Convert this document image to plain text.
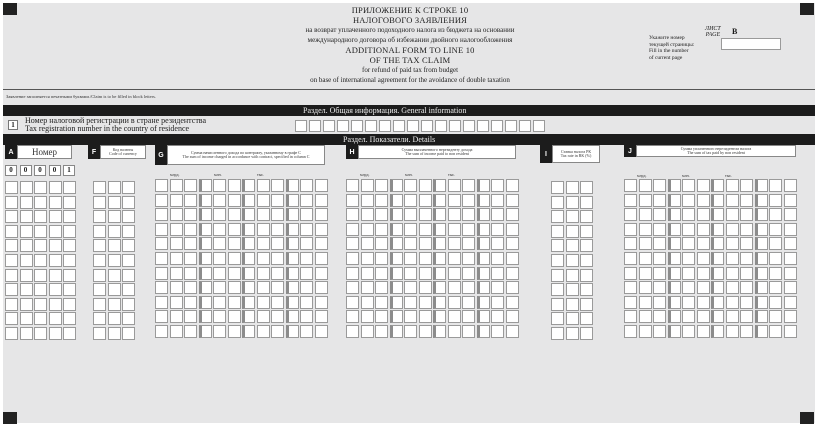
ПРИЛОЖЕНИЕ К СТРОКЕ 10
НАЛОГОВОГО ЗАЯВЛЕНИЯ
на возврат уплаченного подоходного налога из бюджета на основании
международного договора об избежании двойного налогообложения
ADDITIONAL FORM TO LINE 10
OF THE TAX CLAIM
for refund of paid tax from budget
on base of international agreement for the avoidance of double taxation
ЛИСТ
PAGE B
Укажите номер
текущей страницы:
Fill in the number
of current page
Заявление заполняется печатными буквами./Claim is to be filled in block letters.
Раздел. Общая информация. General information
1	Номер налоговой регистрации в стране резидентства
Tax registration number in the country of residence
Раздел. Показатели. Details
A	Номер	F	Код валюты
Code of currency	G	Сумма начисленного дохода по контракту, указанному в графе С
The sum of income charged in accordance with contract, specified in column C
H	Сумма выплаченного нерезиденту дохода
The sum of income paid to non resident	I	Ставка налога РК
Tax rate in RK (%)
J	Сумма уплаченного нерезидентом налога
The sum of tax paid by non resident
0	0	0	0	1
млрд.	млн.	тыс.	млрд.	млн.	тыс.	млрд.	млн.	тыс.
